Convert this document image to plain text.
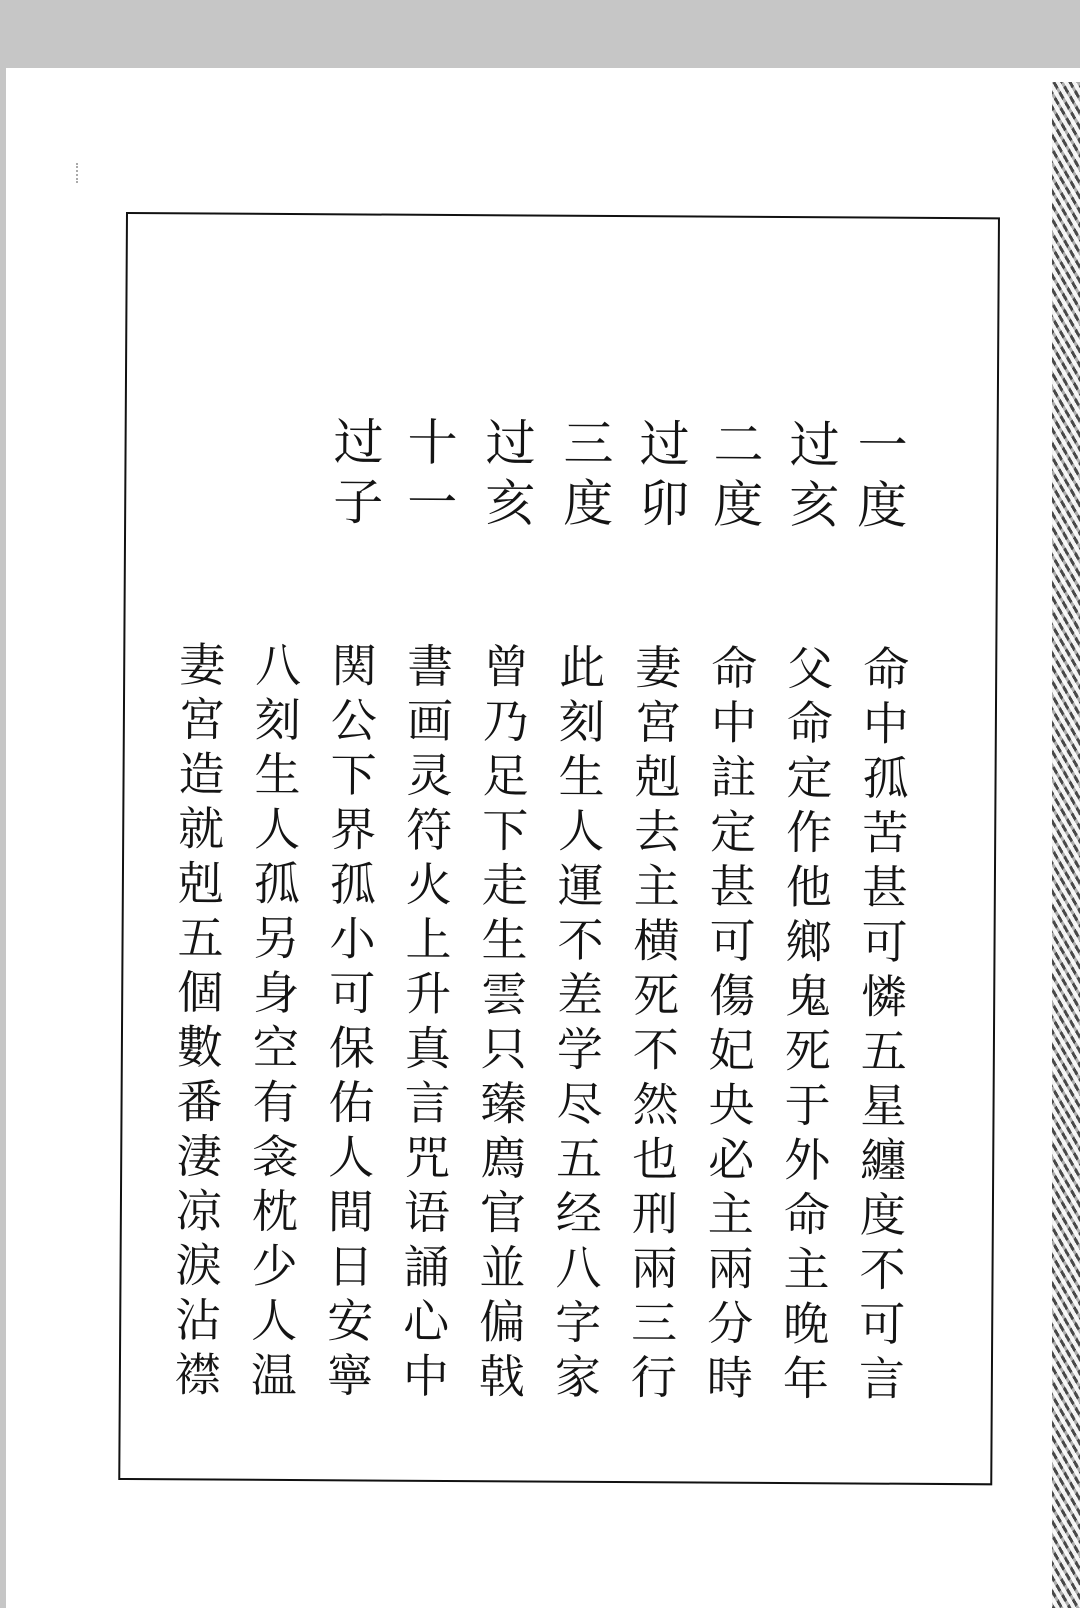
一度

过亥

二度

过卯

三度

过亥

十一

过子

命中孤苦甚可憐五星纏度不可言

父命定作他鄉鬼死于外命主晚年

命中註定甚可傷妃央必主兩分時

妻宮剋去主横死不然也刑兩三行

此刻生人運不差学尽五经八字家

曾乃足下走生雲只臻廌官並偏戟

書画灵符火上升真言咒语誦心中

関公下界孤小可保佑人間日安寧

八刻生人孤另身空有衾枕少人温

妻宮造就剋五個數番淒凉淚沾襟
